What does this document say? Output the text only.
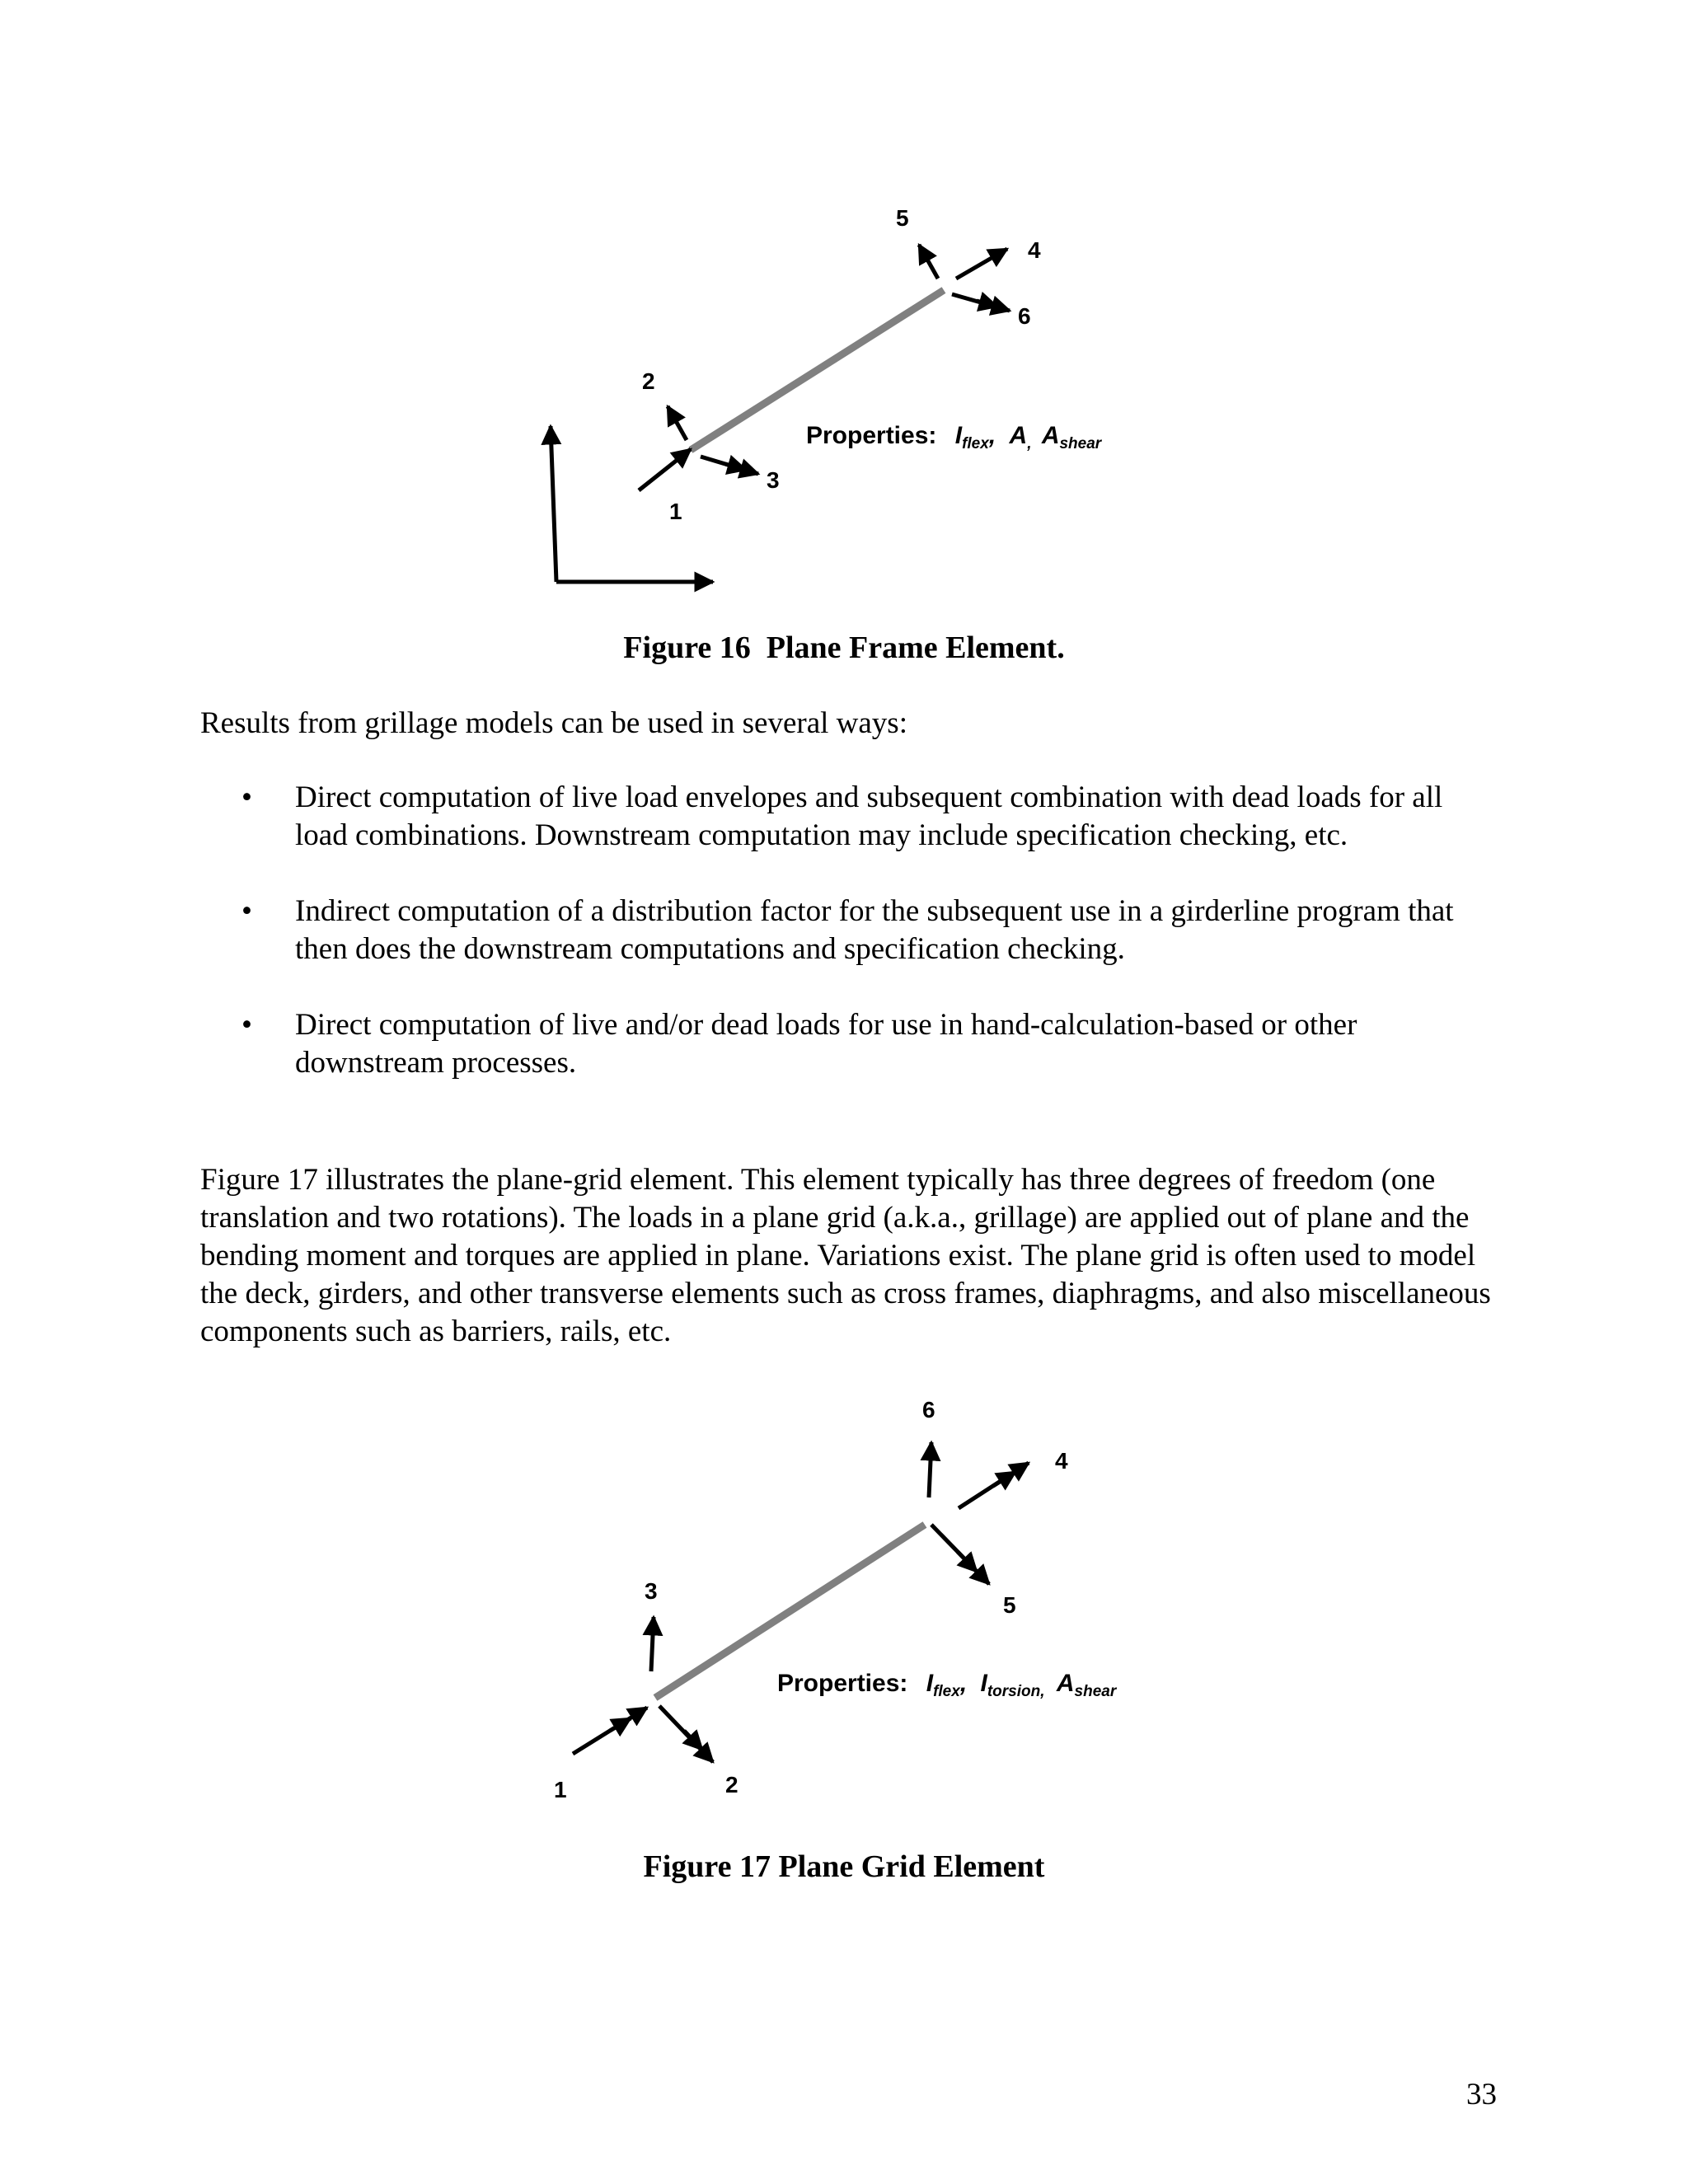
1
2
3
4
5
6
Properties: $I_{flex}$, $A_,$ $A_{shear}$
Figure 16  Plane Frame Element.
Results from grillage models can be used in several ways:
• Direct computation of live load envelopes and subsequent combination with dead loads for all load combinations. Downstream computation may include specification checking, etc.
• Indirect computation of a distribution factor for the subsequent use in a girderline program that then does the downstream computations and specification checking.
• Direct computation of live and/or dead loads for use in hand-calculation-based or other downstream processes.
Figure 17 illustrates the plane-grid element. This element typically has three degrees of freedom (one translation and two rotations). The loads in a plane grid (a.k.a., grillage) are applied out of plane and the bending moment and torques are applied in plane. Variations exist. The plane grid is often used to model the deck, girders, and other transverse elements such as cross frames, diaphragms, and also miscellaneous components such as barriers, rails, etc.
1	2
3
4
5
6
Properties: $I_{flex}$, $I_{torsion,}$ $A_{shear}$
Figure 17 Plane Grid Element
33
